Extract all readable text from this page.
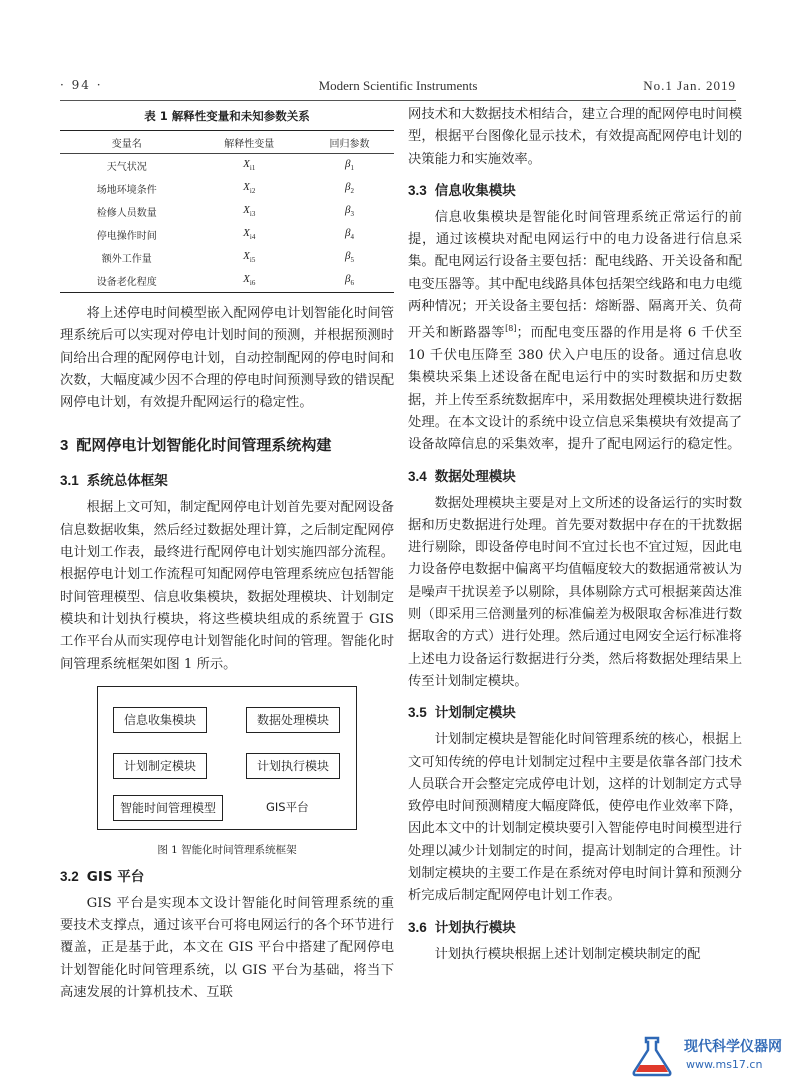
· 94 ·	Modern Scientific Instruments	No.1 Jan. 2019
表 1 解释性变量和未知参数关系
变量名	解释性变量	回归参数
天气状况	$X_{i1}$	$\beta_1$
场地环境条件	$X_{i2}$	$\beta_2$
检修人员数量	$X_{i3}$	$\beta_3$
停电操作时间	$X_{i4}$	$\beta_4$
额外工作量	$X_{i5}$	$\beta_5$
设备老化程度	$X_{i6}$	$\beta_6$

将上述停电时间模型嵌入配网停电计划智能化时间管理系统后可以实现对停电计划时间的预测，并根据预测时间给出合理的配网停电计划，自动控制配网的停电时间和次数，大幅度减少因不合理的停电时间预测导致的错误配网停电计划，有效提升配网运行的稳定性。

3 配网停电计划智能化时间管理系统构建
3.1 系统总体框架

根据上文可知，制定配网停电计划首先要对配网设备信息数据收集，然后经过数据处理计算，之后制定配网停电计划工作表，最终进行配网停电计划实施四部分流程。根据停电计划工作流程可知配网停电管理系统应包括智能时间管理模型、信息收集模块，数据处理模块、计划制定模块和计划执行模块，将这些模块组成的系统置于 GIS 工作平台从而实现停电计划智能化时间的管理。智能化时间管理系统框架如图 1 所示。

信息收集模块	数据处理模块
计划制定模块	计划执行模块
智能时间管理模型	GIS平台
图 1 智能化时间管理系统框架
3.2 GIS 平台

GIS 平台是实现本文设计智能化时间管理系统的重要技术支撑点，通过该平台可将电网运行的各个环节进行覆盖，正是基于此，本文在 GIS 平台中搭建了配网停电计划智能化时间管理系统，以 GIS 平台为基础，将当下高速发展的计算机技术、互联

网技术和大数据技术相结合，建立合理的配网停电时间模型，根据平台图像化显示技术，有效提高配网停电计划的决策能力和实施效率。

3.3 信息收集模块

信息收集模块是智能化时间管理系统正常运行的前提，通过该模块对配电网运行中的电力设备进行信息采集。配电网运行设备主要包括：配电线路、开关设备和配电变压器等。其中配电线路具体包括架空线路和电力电缆两种情况；开关设备主要包括：熔断器、隔离开关、负荷开关和断路器等[8]；而配电变压器的作用是将 6 千伏至 10 千伏电压降至 380 伏入户电压的设备。通过信息收集模块采集上述设备在配电运行中的实时数据和历史数据，并上传至系统数据库中，采用数据处理模块进行数据处理。在本文设计的系统中设立信息采集模块有效提高了设备故障信息的采集效率，提升了配电网运行的稳定性。

3.4 数据处理模块

数据处理模块主要是对上文所述的设备运行的实时数据和历史数据进行处理。首先要对数据中存在的干扰数据进行剔除，即设备停电时间不宜过长也不宜过短，因此电力设备停电数据中偏离平均值幅度较大的数据通常被认为是噪声干扰误差予以剔除，具体剔除方式可根据莱茵达准则（即采用三倍测量列的标准偏差为极限取舍标准进行数据取舍的方式）进行处理。然后通过电网安全运行标准将上述电力设备运行数据进行分类，然后将数据处理结果上传至计划制定模块。

3.5 计划制定模块

计划制定模块是智能化时间管理系统的核心，根据上文可知传统的停电计划制定过程中主要是依靠各部门技术人员联合开会整定完成停电计划，这样的计划制定方式导致停电时间预测精度大幅度降低，使停电作业效率下降，因此本文中的计划制定模块要引入智能停电时间模型进行处理以减少计划制定的时间，提高计划制定的合理性。计划制定模块的主要工作是在系统对停电时间计算和预测分析完成后制定配网停电计划工作表。

3.6 计划执行模块

计划执行模块根据上述计划制定模块制定的配

现代科学仪器网
www.ms17.cn
